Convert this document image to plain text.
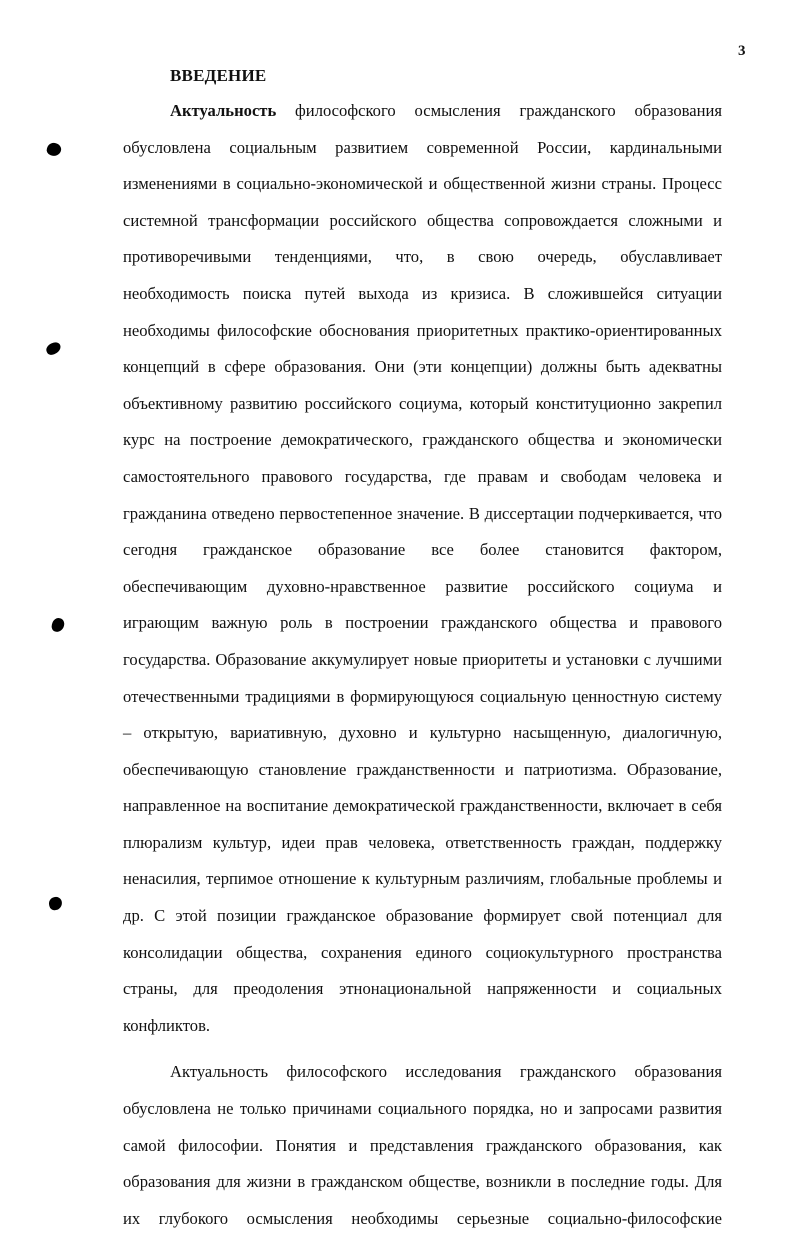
3
ВВЕДЕНИЕ
Актуальность философского осмысления гражданского образования
обусловлена социальным развитием современной России, кардинальными
изменениями в социально-экономической и общественной жизни страны. Процесс
системной трансформации российского общества сопровождается сложными и
противоречивыми тенденциями, что, в свою очередь, обуславливает
необходимость поиска путей выхода из кризиса. В сложившейся ситуации
необходимы философские обоснования приоритетных практико-ориентированных
концепций в сфере образования. Они (эти концепции) должны быть адекватны
объективному развитию российского социума, который конституционно закрепил
курс на построение демократического, гражданского общества и экономически
самостоятельного правового государства, где правам и свободам человека и
гражданина отведено первостепенное значение. В диссертации подчеркивается, что
сегодня гражданское образование все более становится фактором,
обеспечивающим духовно-нравственное развитие российского социума и
играющим важную роль в построении гражданского общества и правового
государства. Образование аккумулирует новые приоритеты и установки с лучшими
отечественными традициями в формирующуюся социальную ценностную систему
– открытую, вариативную, духовно и культурно насыщенную, диалогичную,
обеспечивающую становление гражданственности и патриотизма. Образование,
направленное на воспитание демократической гражданственности, включает в себя
плюрализм культур, идеи прав человека, ответственность граждан, поддержку
ненасилия, терпимое отношение к культурным различиям, глобальные проблемы и
др. С этой позиции гражданское образование формирует свой потенциал для
консолидации общества, сохранения единого социокультурного пространства
страны, для преодоления этнонациональной напряженности и социальных
конфликтов.
Актуальность философского исследования гражданского образования
обусловлена не только причинами социального порядка, но и запросами развития
самой философии. Понятия и представления гражданского образования, как
образования для жизни в гражданском обществе, возникли в последние годы. Для
их глубокого осмысления необходимы серьезные социально-философские
